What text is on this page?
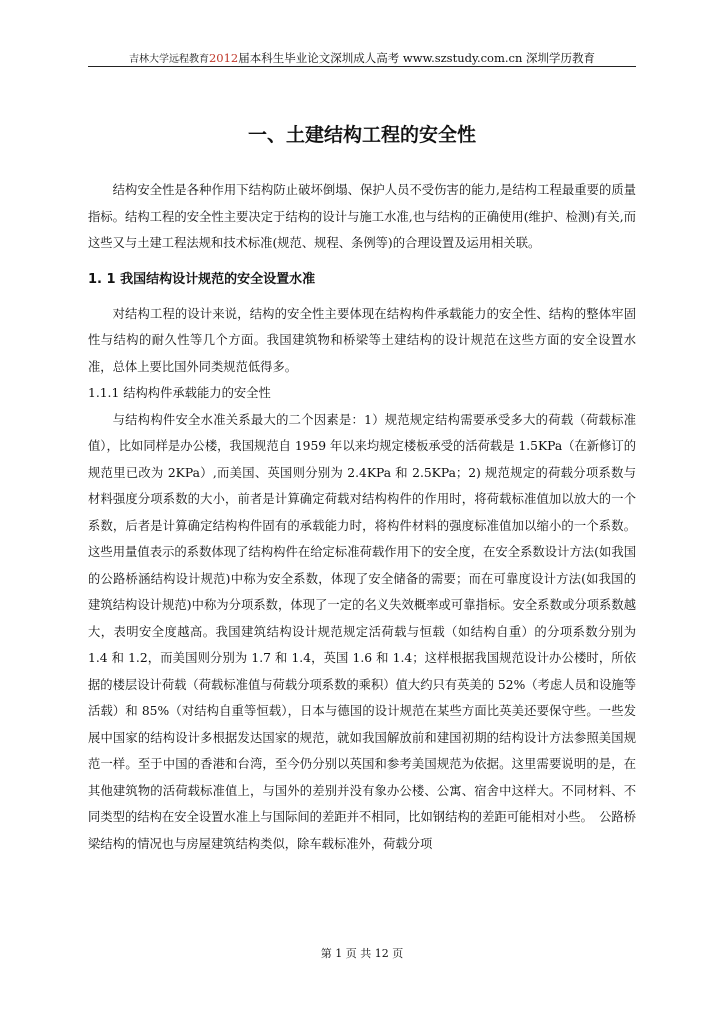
吉林大学远程教育2012届本科生毕业论文深圳成人高考 www.szstudy.com.cn 深圳学历教育
一、土建结构工程的安全性

结构安全性是各种作用下结构防止破坏倒塌、保护人员不受伤害的能力,是结构工程最重要的质量指标。结构工程的安全性主要决定于结构的设计与施工水准,也与结构的正确使用(维护、检测)有关,而这些又与土建工程法规和技术标准(规范、规程、条例等)的合理设置及运用相关联。

1. 1 我国结构设计规范的安全设置水准

对结构工程的设计来说，结构的安全性主要体现在结构构件承载能力的安全性、结构的整体牢固性与结构的耐久性等几个方面。我国建筑物和桥梁等土建结构的设计规范在这些方面的安全设置水准，总体上要比国外同类规范低得多。

1.1.1 结构构件承载能力的安全性

与结构构件安全水准关系最大的二个因素是：1）规范规定结构需要承受多大的荷载（荷载标准值），比如同样是办公楼，我国规范自 1959 年以来均规定楼板承受的活荷载是 1.5KPa（在新修订的规范里已改为 2KPa）,而美国、英国则分别为 2.4KPa 和 2.5KPa；2) 规范规定的荷载分项系数与材料强度分项系数的大小，前者是计算确定荷载对结构构件的作用时，将荷载标准值加以放大的一个系数，后者是计算确定结构构件固有的承载能力时，将构件材料的强度标准值加以缩小的一个系数。这些用量值表示的系数体现了结构构件在给定标准荷载作用下的安全度，在安全系数设计方法(如我国的公路桥涵结构设计规范)中称为安全系数，体现了安全储备的需要；而在可靠度设计方法(如我国的建筑结构设计规范)中称为分项系数，体现了一定的名义失效概率或可靠指标。安全系数或分项系数越大，表明安全度越高。我国建筑结构设计规范规定活荷载与恒载（如结构自重）的分项系数分别为 1.4 和 1.2，而美国则分别为 1.7 和 1.4，英国 1.6 和 1.4；这样根据我国规范设计办公楼时，所依据的楼层设计荷载（荷载标准值与荷载分项系数的乘积）值大约只有英美的 52%（考虑人员和设施等活载）和 85%（对结构自重等恒载），日本与德国的设计规范在某些方面比英美还要保守些。一些发展中国家的结构设计多根据发达国家的规范，就如我国解放前和建国初期的结构设计方法参照美国规范一样。至于中国的香港和台湾，至今仍分别以英国和参考美国规范为依据。这里需要说明的是，在其他建筑物的活荷载标准值上，与国外的差别并没有象办公楼、公寓、宿舍中这样大。不同材料、不同类型的结构在安全设置水准上与国际间的差距并不相同，比如钢结构的差距可能相对小些。　公路桥梁结构的情况也与房屋建筑结构类似，除车载标准外，荷载分项

第 1 页 共 12 页
